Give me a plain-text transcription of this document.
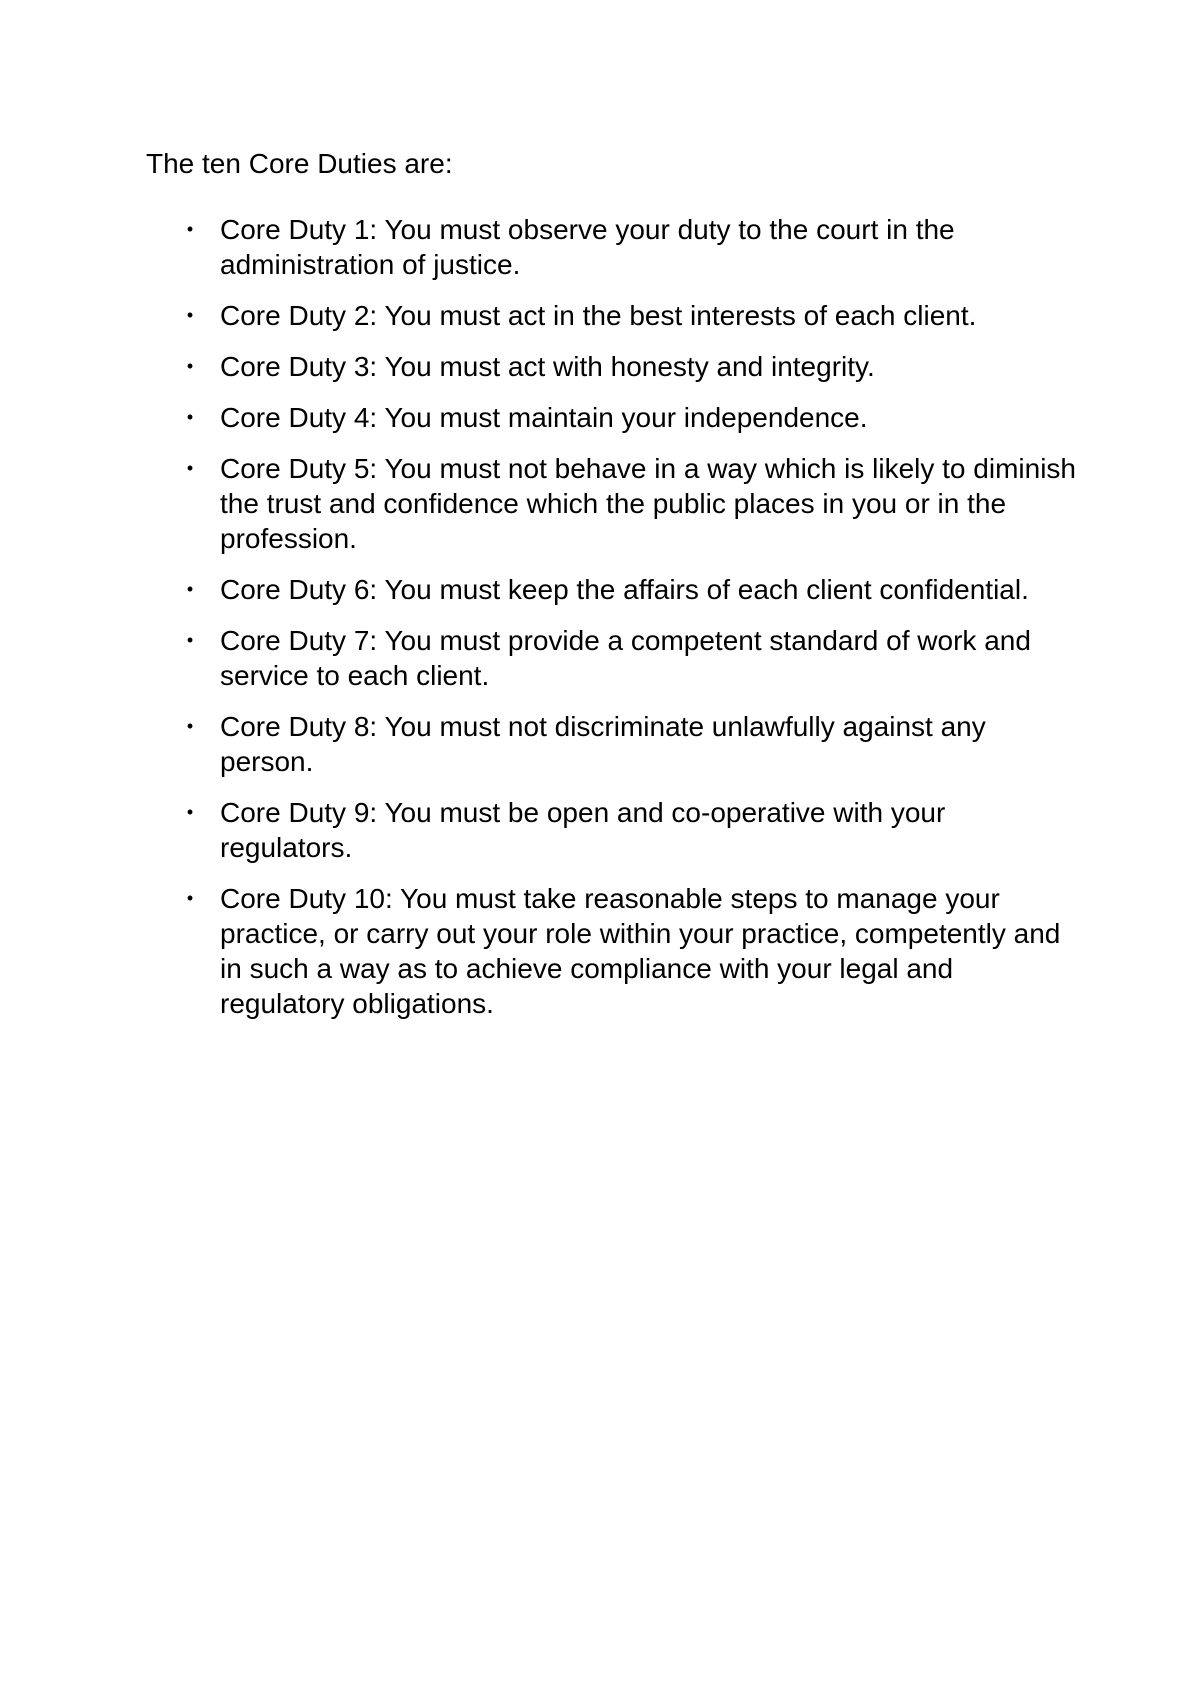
The ten Core Duties are:

• Core Duty 1: You must observe your duty to the court in the administration of justice.
• Core Duty 2: You must act in the best interests of each client.
• Core Duty 3: You must act with honesty and integrity.
• Core Duty 4: You must maintain your independence.
• Core Duty 5: You must not behave in a way which is likely to diminish the trust and confidence which the public places in you or in the profession.
• Core Duty 6: You must keep the affairs of each client confidential.
• Core Duty 7: You must provide a competent standard of work and service to each client.
• Core Duty 8: You must not discriminate unlawfully against any person.
• Core Duty 9: You must be open and co-operative with your regulators.
• Core Duty 10: You must take reasonable steps to manage your practice, or carry out your role within your practice, competently and in such a way as to achieve compliance with your legal and regulatory obligations.
